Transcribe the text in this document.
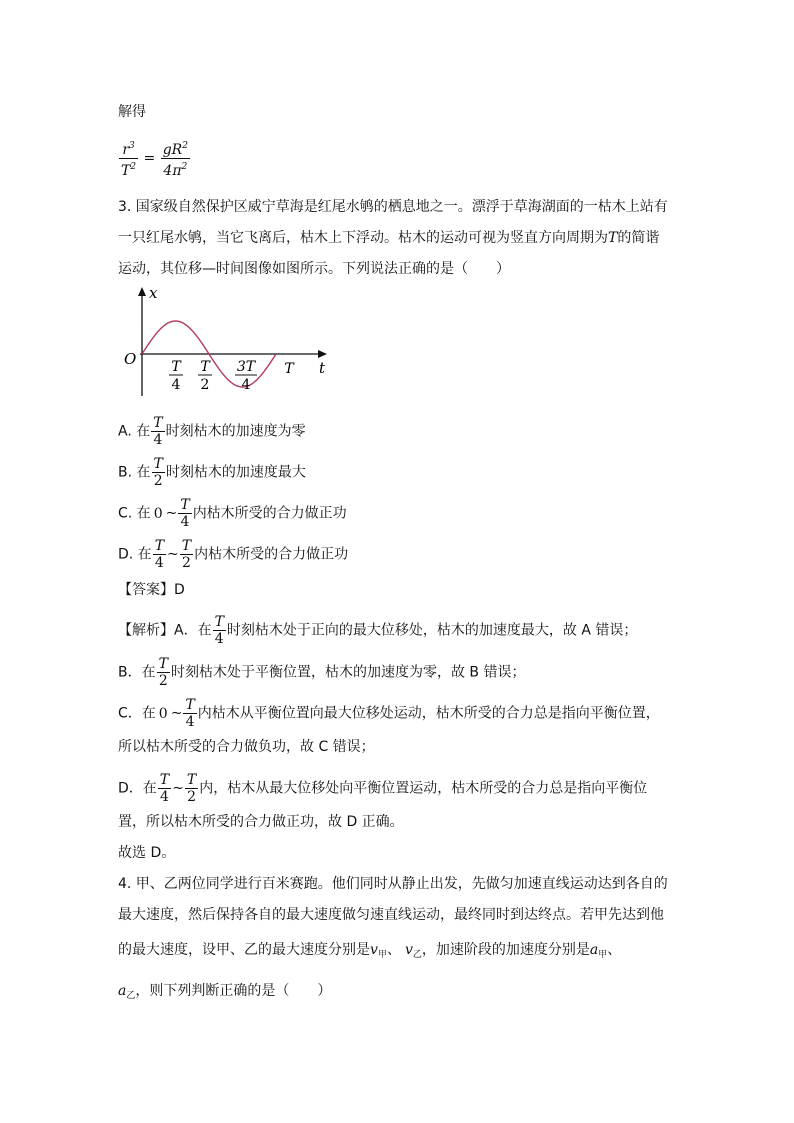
解得
$\frac{r^3}{T^2} = \frac{gR^2}{4\pi^2}$
3. 国家级自然保护区威宁草海是红尾水鸲的栖息地之一。漂浮于草海湖面的一枯木上站有
一只红尾水鸲，当它飞离后，枯木上下浮动。枯木的运动可视为竖直方向周期为T的简谐
运动，其位移—时间图像如图所示。下列说法正确的是（　　）
x
t
O	T
4
T
2
3T
4
T
A. 在 $\frac{T}{4}$ 时刻枯木的加速度为零
B. 在 $\frac{T}{2}$ 时刻枯木的加速度最大
C. 在 0 ~ $\frac{T}{4}$ 内枯木所受的合力做正功
D. 在 $\frac{T}{4}$ ~ $\frac{T}{2}$ 内枯木所受的合力做正功
【答案】D
【解析】A．在 $\frac{T}{4}$ 时刻枯木处于正向的最大位移处，枯木的加速度最大，故 A 错误；
B．在 $\frac{T}{2}$ 时刻枯木处于平衡位置，枯木的加速度为零，故 B 错误；
C．在 0 ~ $\frac{T}{4}$ 内枯木从平衡位置向最大位移处运动，枯木所受的合力总是指向平衡位置，
所以枯木所受的合力做负功，故 C 错误；
D．在 $\frac{T}{4}$ ~ $\frac{T}{2}$ 内，枯木从最大位移处向平衡位置运动，枯木所受的合力总是指向平衡位
置，所以枯木所受的合力做正功，故 D 正确。
故选 D。
4. 甲、乙两位同学进行百米赛跑。他们同时从静止出发，先做匀加速直线运动达到各自的
最大速度，然后保持各自的最大速度做匀速直线运动，最终同时到达终点。若甲先达到他
的最大速度，设甲、乙的最大速度分别是$v_甲$、 $v_乙$，加速阶段的加速度分别是$a_甲$、
$a_乙$，则下列判断正确的是（　　）
